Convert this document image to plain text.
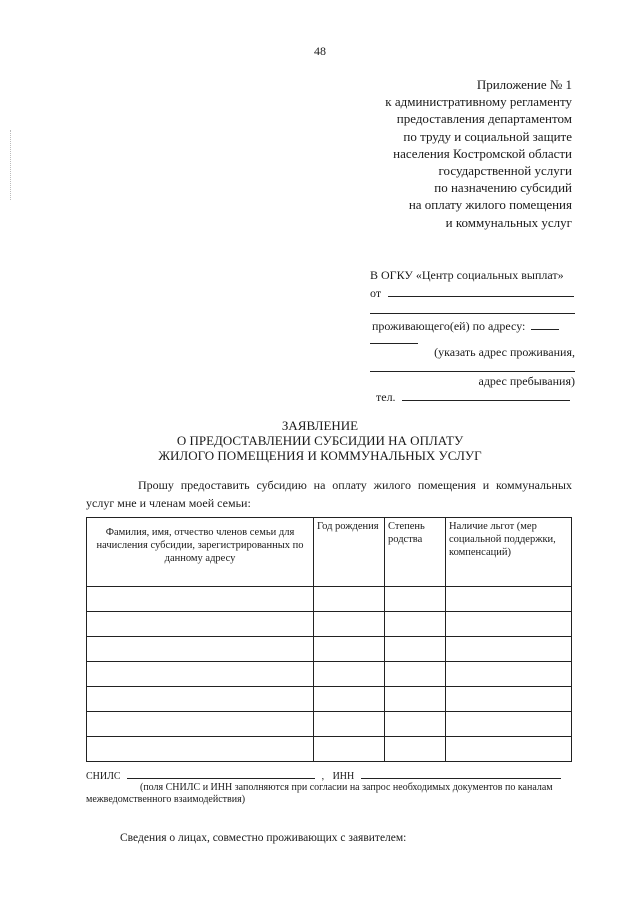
48
Приложение № 1
к административному регламенту
предоставления департаментом
по труду и социальной защите
населения Костромской области
государственной услуги
по назначению субсидий
на оплату жилого помещения
и коммунальных услуг
В ОГКУ «Центр социальных выплат»
от
проживающего(ей) по адресу:
(указать адрес проживания,
адрес пребывания)
тел.
ЗАЯВЛЕНИЕ
О ПРЕДОСТАВЛЕНИИ СУБСИДИИ НА ОПЛАТУ
ЖИЛОГО ПОМЕЩЕНИЯ И КОММУНАЛЬНЫХ УСЛУГ
Прошу предоставить субсидию на оплату жилого помещения и коммунальных услуг мне и членам моей семьи:
Фамилия, имя, отчество членов семьи для начисления субсидии, зарегистрированных по данному адресу	Год рождения	Степень родства	Наличие льгот (мер социальной поддержки, компенсаций)

СНИЛС	, ИНН
(поля СНИЛС и ИНН заполняются при согласии на запрос необходимых документов по каналам межведомственного взаимодействия)
Сведения о лицах, совместно проживающих с заявителем:
